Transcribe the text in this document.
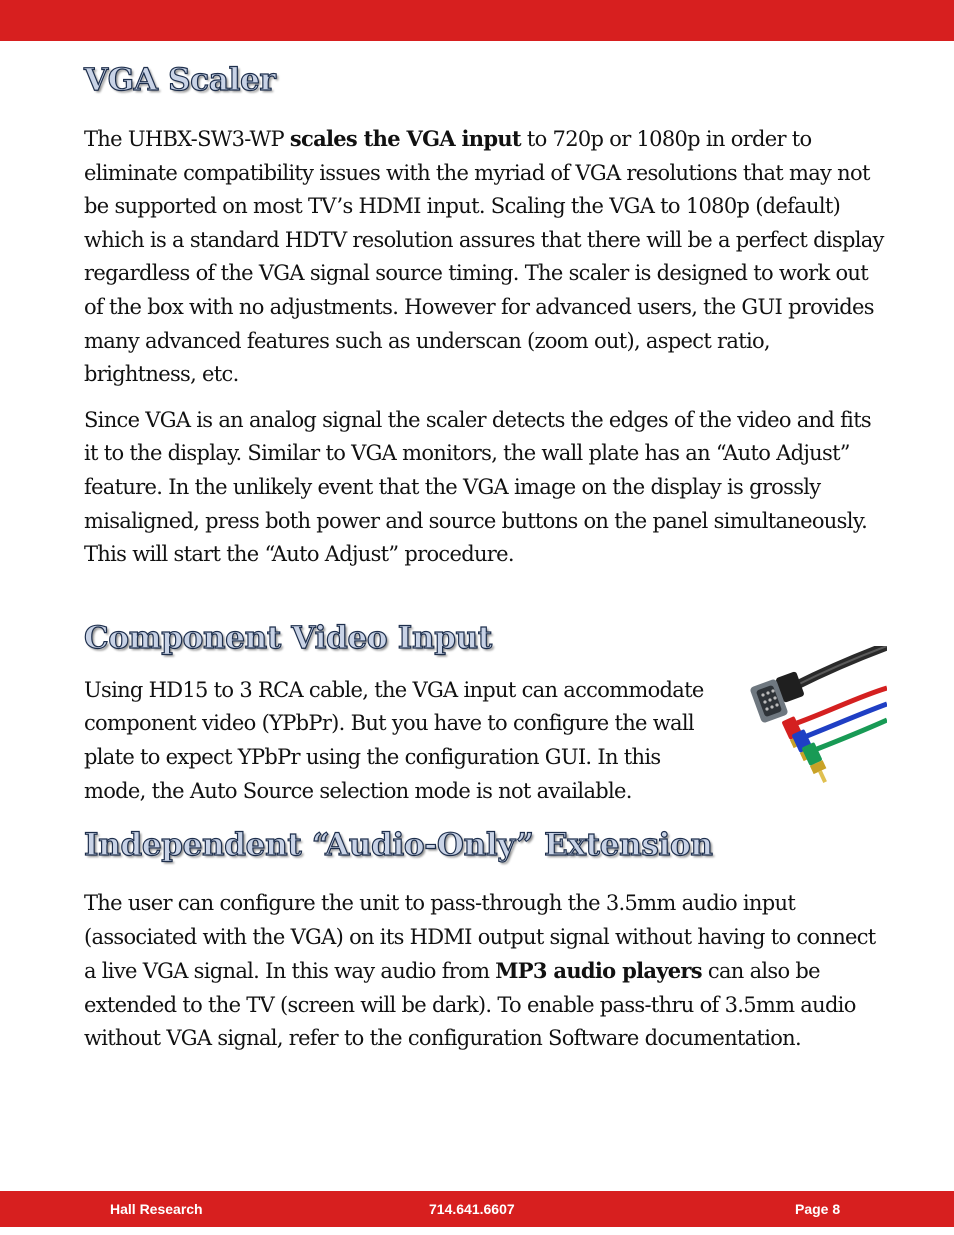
VGA Scaler

The UHBX-SW3-WP scales the VGA input to 720p or 1080p in order to eliminate compatibility issues with the myriad of VGA resolutions that may not be supported on most TV’s HDMI input. Scaling the VGA to 1080p (default) which is a standard HDTV resolution assures that there will be a perfect display regardless of the VGA signal source timing. The scaler is designed to work out of the box with no adjustments. However for advanced users, the GUI provides many advanced features such as underscan (zoom out), aspect ratio, brightness, etc.

Since VGA is an analog signal the scaler detects the edges of the video and fits it to the display. Similar to VGA monitors, the wall plate has an “Auto Adjust” feature. In the unlikely event that the VGA image on the display is grossly misaligned, press both power and source buttons on the panel simultaneously. This will start the “Auto Adjust” procedure.

Component Video Input

Using HD15 to 3 RCA cable, the VGA input can accommodate component video (YPbPr). But you have to configure the wall plate to expect YPbPr using the configuration GUI. In this mode, the Auto Source selection mode is not available.

Independent “Audio-Only” Extension

The user can configure the unit to pass-through the 3.5mm audio input (associated with the VGA) on its HDMI output signal without having to connect a live VGA signal. In this way audio from MP3 audio players can also be extended to the TV (screen will be dark). To enable pass-thru of 3.5mm audio without VGA signal, refer to the configuration Software documentation.

Hall Research	714.641.6607	Page 8
